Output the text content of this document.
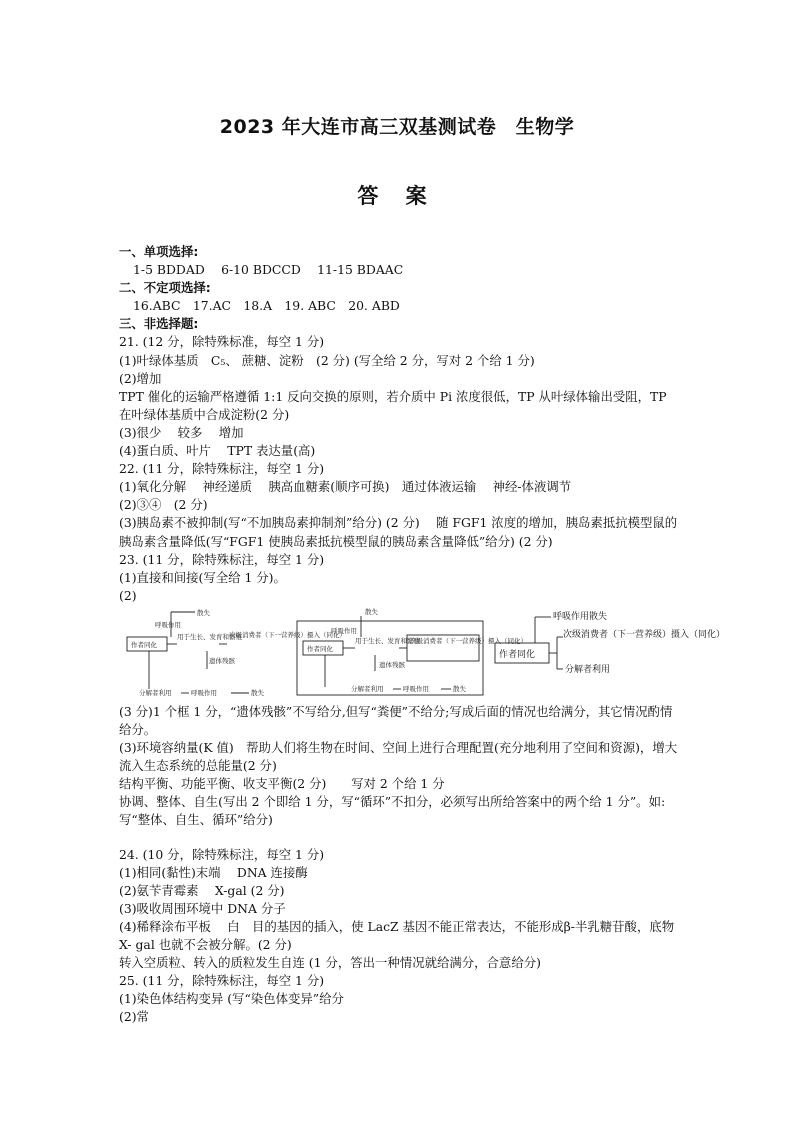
2023 年大连市高三双基测试卷　生物学
答 案
一、单项选择:
1-5 BDDAD　 6-10 BDCCD　 11-15 BDAAC
二、不定项选择:
16.ABC　17.AC　18.A　19. ABC　20. ABD
三、非选择题:
21. (12 分，除特殊标准，每空 1 分)
(1)叶绿体基质　C₅、 蔗糖、淀粉　(2 分) (写全给 2 分，写对 2 个给 1 分)
(2)增加
TPT 催化的运输严格遵循 1:1 反向交换的原则，若介质中 Pi 浓度很低，TP 从叶绿体输出受阻，TP 在叶绿体基质中合成淀粉(2 分)
(3)很少　 较多　 增加
(4)蛋白质、叶片　 TPT 表达量(高)
22. (11 分，除特殊标注，每空 1 分)
(1)氧化分解　 神经递质　 胰高血糖素(顺序可换)　通过体液运输　 神经-体液调节
(2)③④　(2 分)
(3)胰岛素不被抑制(写“不加胰岛素抑制剂”给分) (2 分)　 随 FGF1 浓度的增加，胰岛素抵抗模型鼠的胰岛素含量降低(写“FGF1 使胰岛素抵抗模型鼠的胰岛素含量降低”给分) (2 分)
23. (11 分，除特殊标注，每空 1 分)
(1)直接和间接(写全给 1 分)。
(2)
散失
呼吸作用
作者同化
用于生长、发育和繁殖
次级消费者（下一营养级）摄入（同化）
遗体残骸
分解者利用	呼吸作用	散失
散失
呼吸作用
作者同化
用于生长、发育和繁殖
次级消费者（下一营养级）摄入（同化）
遗体残骸
分解者利用	呼吸作用	散失
呼吸作用散失
作者同化
次级消费者（下一营养级）摄入（同化）
分解者利用
(3 分)1 个框 1 分，“遗体残骸”不写给分,但写“粪便”不给分;写成后面的情况也给满分，其它情况酌情给分。
(3)环境容纳量(K 值)　帮助人们将生物在时间、空间上进行合理配置(充分地利用了空间和资源)，增大流入生态系统的总能量(2 分)
结构平衡、功能平衡、收支平衡(2 分)　　写对 2 个给 1 分
协调、整体、自生(写出 2 个即给 1 分，写“循环”不扣分，必须写出所给答案中的两个给 1 分”。如:写“整体、自生、循环”给分)
24. (10 分，除特殊标注，每空 1 分)
(1)相同(黏性)末端　 DNA 连接酶
(2)氨苄青霉素　 X-gal (2 分)
(3)吸收周围环境中 DNA 分子
(4)稀释涂布平板　 白　目的基因的插入，使 LacZ 基因不能正常表达，不能形成β-半乳糖苷酸，底物 X- gal 也就不会被分解。(2 分)
转入空质粒、转入的质粒发生自连 (1 分，答出一种情况就给满分，合意给分)
25. (11 分，除特殊标注，每空 1 分)
(1)染色体结构变异 (写“染色体变异”给分
(2)常
